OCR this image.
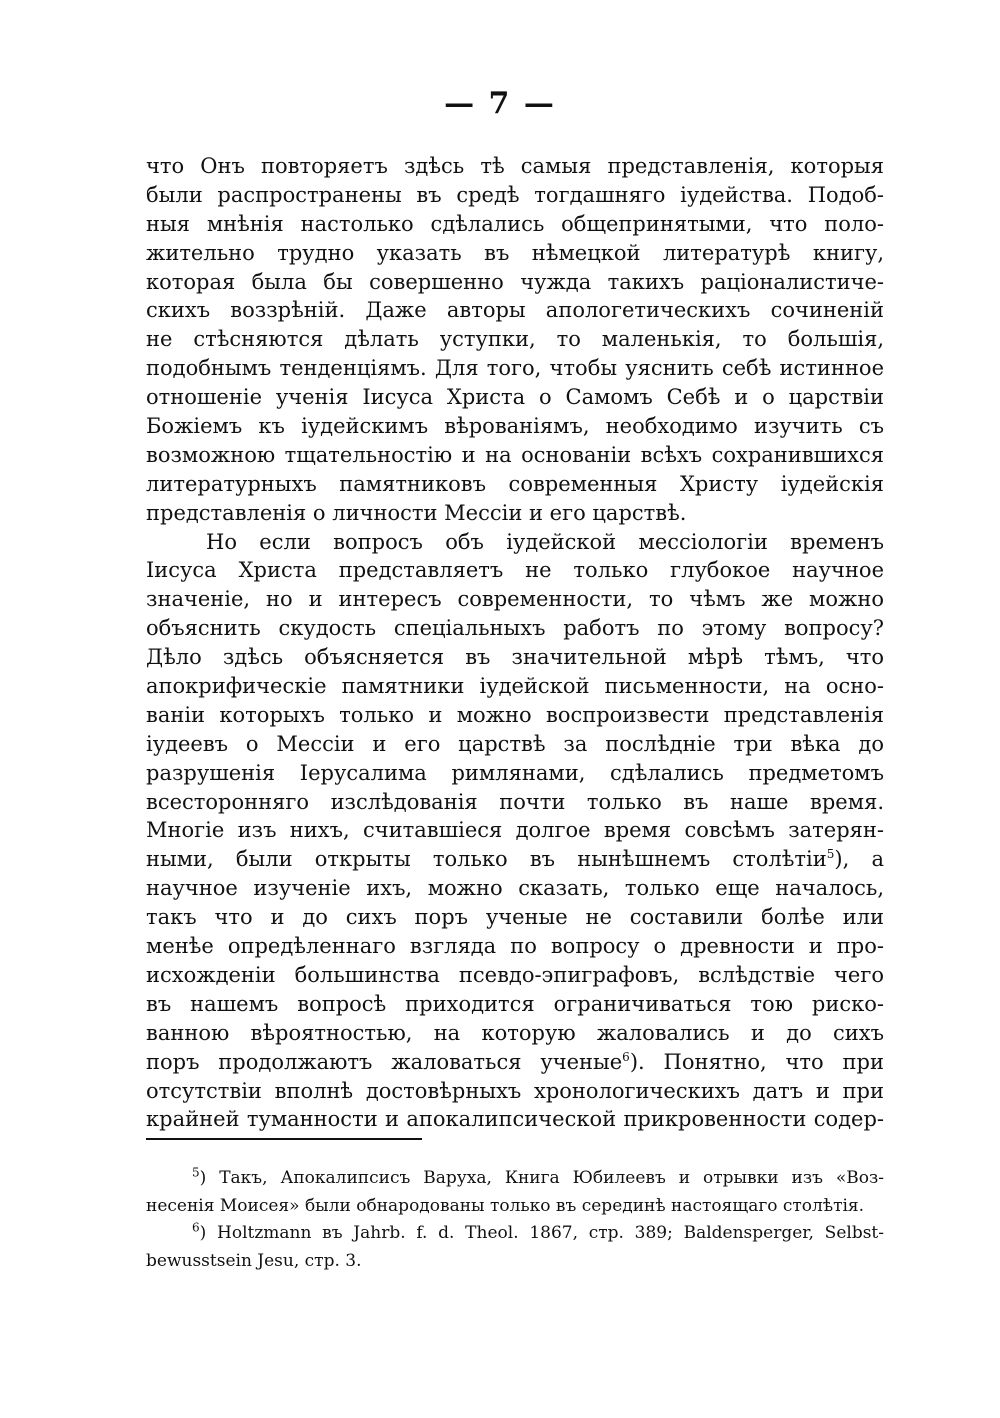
— 7 —
что Онъ повторяетъ здѣсь тѣ самыя представленія, которыя
были распространены въ средѣ тогдашняго іудейства. Подоб-
ныя мнѣнія настолько сдѣлались общепринятыми, что поло-
жительно трудно указать въ нѣмецкой литературѣ книгу,
которая была бы совершенно чужда такихъ раціоналистиче-
скихъ воззрѣній. Даже авторы апологетическихъ сочиненій
не стѣсняются дѣлать уступки, то маленькія, то большія,
подобнымъ тенденціямъ. Для того, чтобы уяснить себѣ истинное
отношеніе ученія Іисуса Христа о Самомъ Себѣ и о царствіи
Божіемъ къ іудейскимъ вѣрованіямъ, необходимо изучить съ
возможною тщательностію и на основаніи всѣхъ сохранившихся
литературныхъ памятниковъ современныя Христу іудейскія
представленія о личности Мессіи и его царствѣ.
Но если вопросъ объ іудейской мессіологіи временъ
Іисуса Христа представляетъ не только глубокое научное
значеніе, но и интересъ современности, то чѣмъ же можно
объяснить скудость спеціальныхъ работъ по этому вопросу?
Дѣло здѣсь объясняется въ значительной мѣрѣ тѣмъ, что
апокрифическіе памятники іудейской письменности, на осно-
ваніи которыхъ только и можно воспроизвести представленія
іудеевъ о Мессіи и его царствѣ за послѣдніе три вѣка до
разрушенія Іерусалима римлянами, сдѣлались предметомъ
всесторонняго изслѣдованія почти только въ наше время.
Многіе изъ нихъ, считавшіеся долгое время совсѣмъ затерян-
ными, были открыты только въ нынѣшнемъ столѣтіи$^5$), а
научное изученіе ихъ, можно сказать, только еще началось,
такъ что и до сихъ поръ ученые не составили болѣе или
менѣе опредѣленнаго взгляда по вопросу о древности и про-
исхожденіи большинства псевдо-эпиграфовъ, вслѣдствіе чего
въ нашемъ вопросѣ приходится ограничиваться тою риско-
ванною вѣроятностью, на которую жаловались и до сихъ
поръ продолжаютъ жаловаться ученые$^6$). Понятно, что при
отсутствіи вполнѣ достовѣрныхъ хронологическихъ датъ и при
крайней туманности и апокалипсической прикровенности содер-
$^5$) Такъ, Апокалипсисъ Варуха, Книга Юбилеевъ и отрывки изъ «Воз-
несенія Моисея» были обнародованы только въ серединѣ настоящаго столѣтія.
$^6$) Holtzmann въ Jahrb. f. d. Theol. 1867, стр. 389; Baldensperger, Selbst-
bewusstsein Jesu, стр. 3.
